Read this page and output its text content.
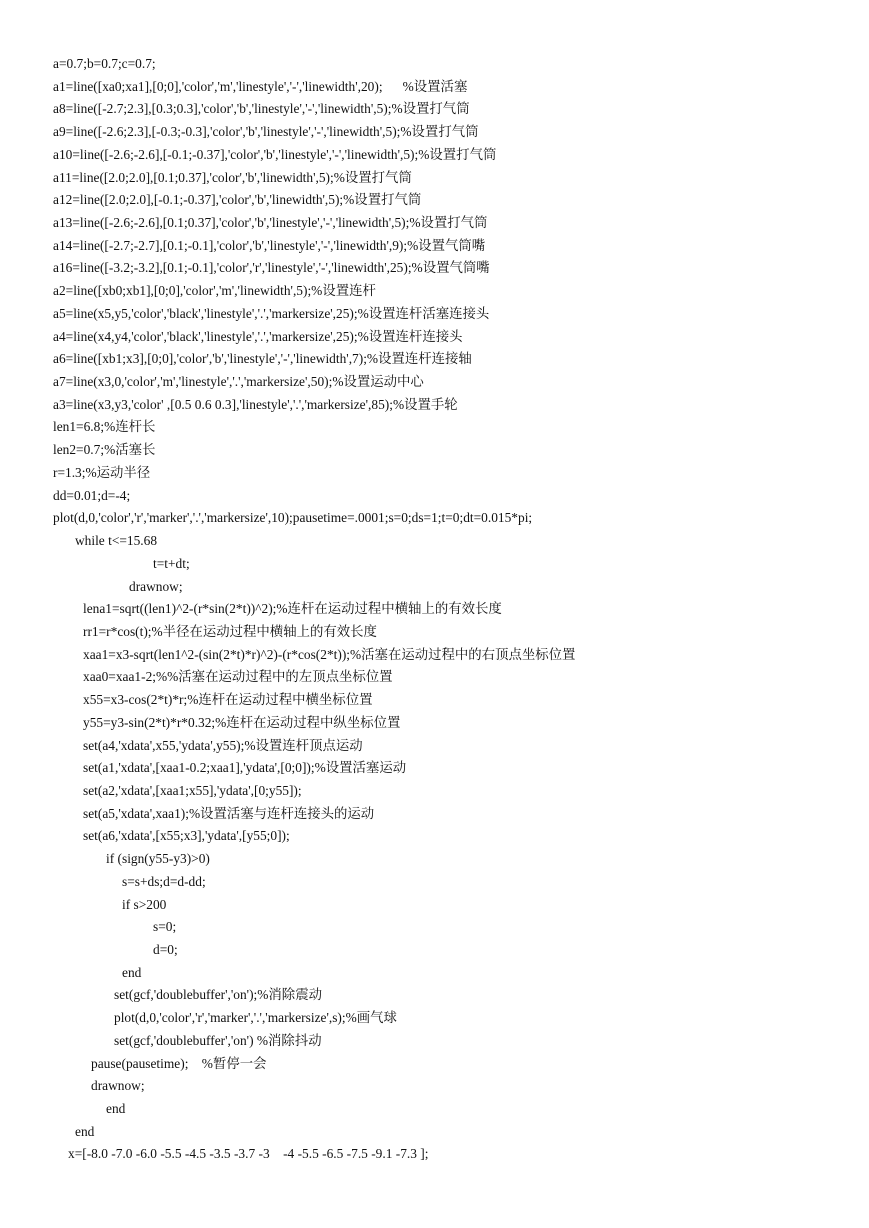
a=0.7;b=0.7;c=0.7;
a1=line([xa0;xa1],[0;0],'color','m','linestyle','-','linewidth',20);      %设置活塞
a8=line([-2.7;2.3],[0.3;0.3],'color','b','linestyle','-','linewidth',5);%设置打气筒
a9=line([-2.6;2.3],[-0.3;-0.3],'color','b','linestyle','-','linewidth',5);%设置打气筒
a10=line([-2.6;-2.6],[-0.1;-0.37],'color','b','linestyle','-','linewidth',5);%设置打气筒
a11=line([2.0;2.0],[0.1;0.37],'color','b','linewidth',5);%设置打气筒
a12=line([2.0;2.0],[-0.1;-0.37],'color','b','linewidth',5);%设置打气筒
a13=line([-2.6;-2.6],[0.1;0.37],'color','b','linestyle','-','linewidth',5);%设置打气筒
a14=line([-2.7;-2.7],[0.1;-0.1],'color','b','linestyle','-','linewidth',9);%设置气筒嘴
a16=line([-3.2;-3.2],[0.1;-0.1],'color','r','linestyle','-','linewidth',25);%设置气筒嘴
a2=line([xb0;xb1],[0;0],'color','m','linewidth',5);%设置连杆
a5=line(x5,y5,'color','black','linestyle','.','markersize',25);%设置连杆活塞连接头
a4=line(x4,y4,'color','black','linestyle','.','markersize',25);%设置连杆连接头
a6=line([xb1;x3],[0;0],'color','b','linestyle','-','linewidth',7);%设置连杆连接轴
a7=line(x3,0,'color','m','linestyle','.','markersize',50);%设置运动中心
a3=line(x3,y3,'color' ,[0.5 0.6 0.3],'linestyle','.','markersize',85);%设置手轮
len1=6.8;%连杆长
len2=0.7;%活塞长
r=1.3;%运动半径
dd=0.01;d=-4;
plot(d,0,'color','r','marker','.','markersize',10);pausetime=.0001;s=0;ds=1;t=0;dt=0.015*pi;
while t<=15.68
t=t+dt;
drawnow;
lena1=sqrt((len1)^2-(r*sin(2*t))^2);%连杆在运动过程中横轴上的有效长度
rr1=r*cos(t);%半径在运动过程中横轴上的有效长度
xaa1=x3-sqrt(len1^2-(sin(2*t)*r)^2)-(r*cos(2*t));%活塞在运动过程中的右顶点坐标位置
xaa0=xaa1-2;%%活塞在运动过程中的左顶点坐标位置
x55=x3-cos(2*t)*r;%连杆在运动过程中横坐标位置
y55=y3-sin(2*t)*r*0.32;%连杆在运动过程中纵坐标位置
set(a4,'xdata',x55,'ydata',y55);%设置连杆顶点运动
set(a1,'xdata',[xaa1-0.2;xaa1],'ydata',[0;0]);%设置活塞运动
set(a2,'xdata',[xaa1;x55],'ydata',[0;y55]);
set(a5,'xdata',xaa1);%设置活塞与连杆连接头的运动
set(a6,'xdata',[x55;x3],'ydata',[y55;0]);
if (sign(y55-y3)>0)
s=s+ds;d=d-dd;
if s>200
s=0;
d=0;
end
set(gcf,'doublebuffer','on');%消除震动
plot(d,0,'color','r','marker','.','markersize',s);%画气球
set(gcf,'doublebuffer','on') %消除抖动
pause(pausetime);    %暂停一会
drawnow;
end
end
x=[-8.0 -7.0 -6.0 -5.5 -4.5 -3.5 -3.7 -3    -4 -5.5 -6.5 -7.5 -9.1 -7.3 ];
